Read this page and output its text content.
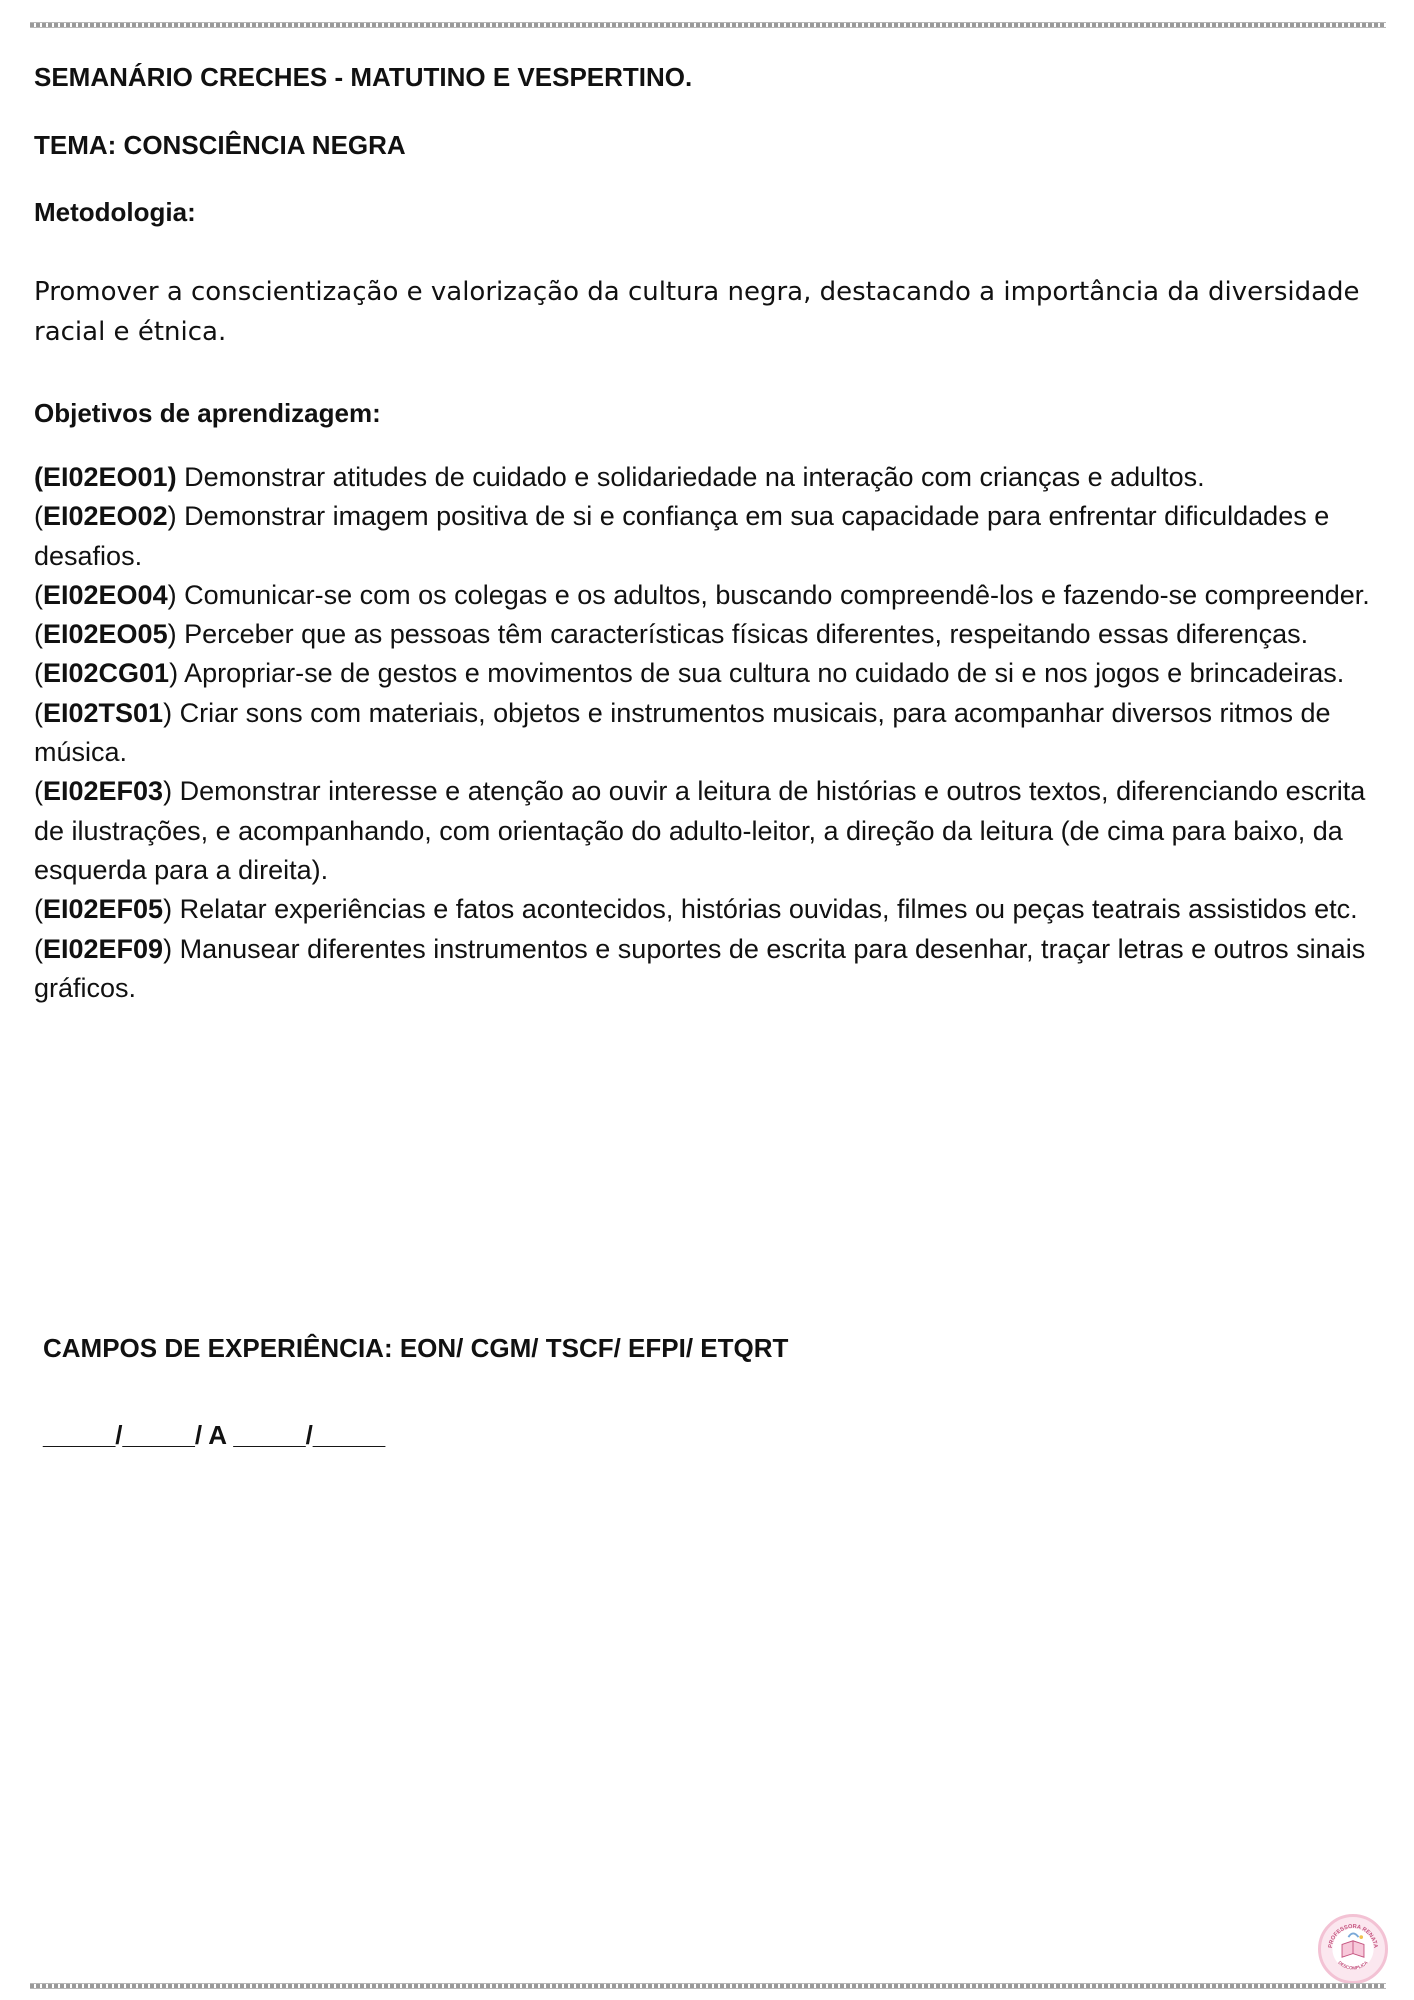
SEMANÁRIO CRECHES - MATUTINO E VESPERTINO.
TEMA: CONSCIÊNCIA NEGRA
Metodologia:

Promover a conscientização e valorização da cultura negra, destacando a importância da diversidade racial e étnica.

Objetivos de aprendizagem:
(EI02EO01) Demonstrar atitudes de cuidado e solidariedade na interação com crianças e adultos.
(EI02EO02) Demonstrar imagem positiva de si e confiança em sua capacidade para enfrentar dificuldades e desafios.
(EI02EO04) Comunicar-se com os colegas e os adultos, buscando compreendê-los e fazendo-se compreender.
(EI02EO05) Perceber que as pessoas têm características físicas diferentes, respeitando essas diferenças.
(EI02CG01) Apropriar-se de gestos e movimentos de sua cultura no cuidado de si e nos jogos e brincadeiras.
(EI02TS01) Criar sons com materiais, objetos e instrumentos musicais, para acompanhar diversos ritmos de música.
(EI02EF03) Demonstrar interesse e atenção ao ouvir a leitura de histórias e outros textos, diferenciando escrita de ilustrações, e acompanhando, com orientação do adulto-leitor, a direção da leitura (de cima para baixo, da esquerda para a direita).
(EI02EF05) Relatar experiências e fatos acontecidos, histórias ouvidas, filmes ou peças teatrais assistidos etc.
(EI02EF09) Manusear diferentes instrumentos e suportes de escrita para desenhar, traçar letras e outros sinais gráficos.
CAMPOS DE EXPERIÊNCIA: EON/ CGM/ TSCF/ EFPI/ ETQRT
_____/_____/ A _____/_____
PROFESSORA RENATA
DESCOMPLICA
